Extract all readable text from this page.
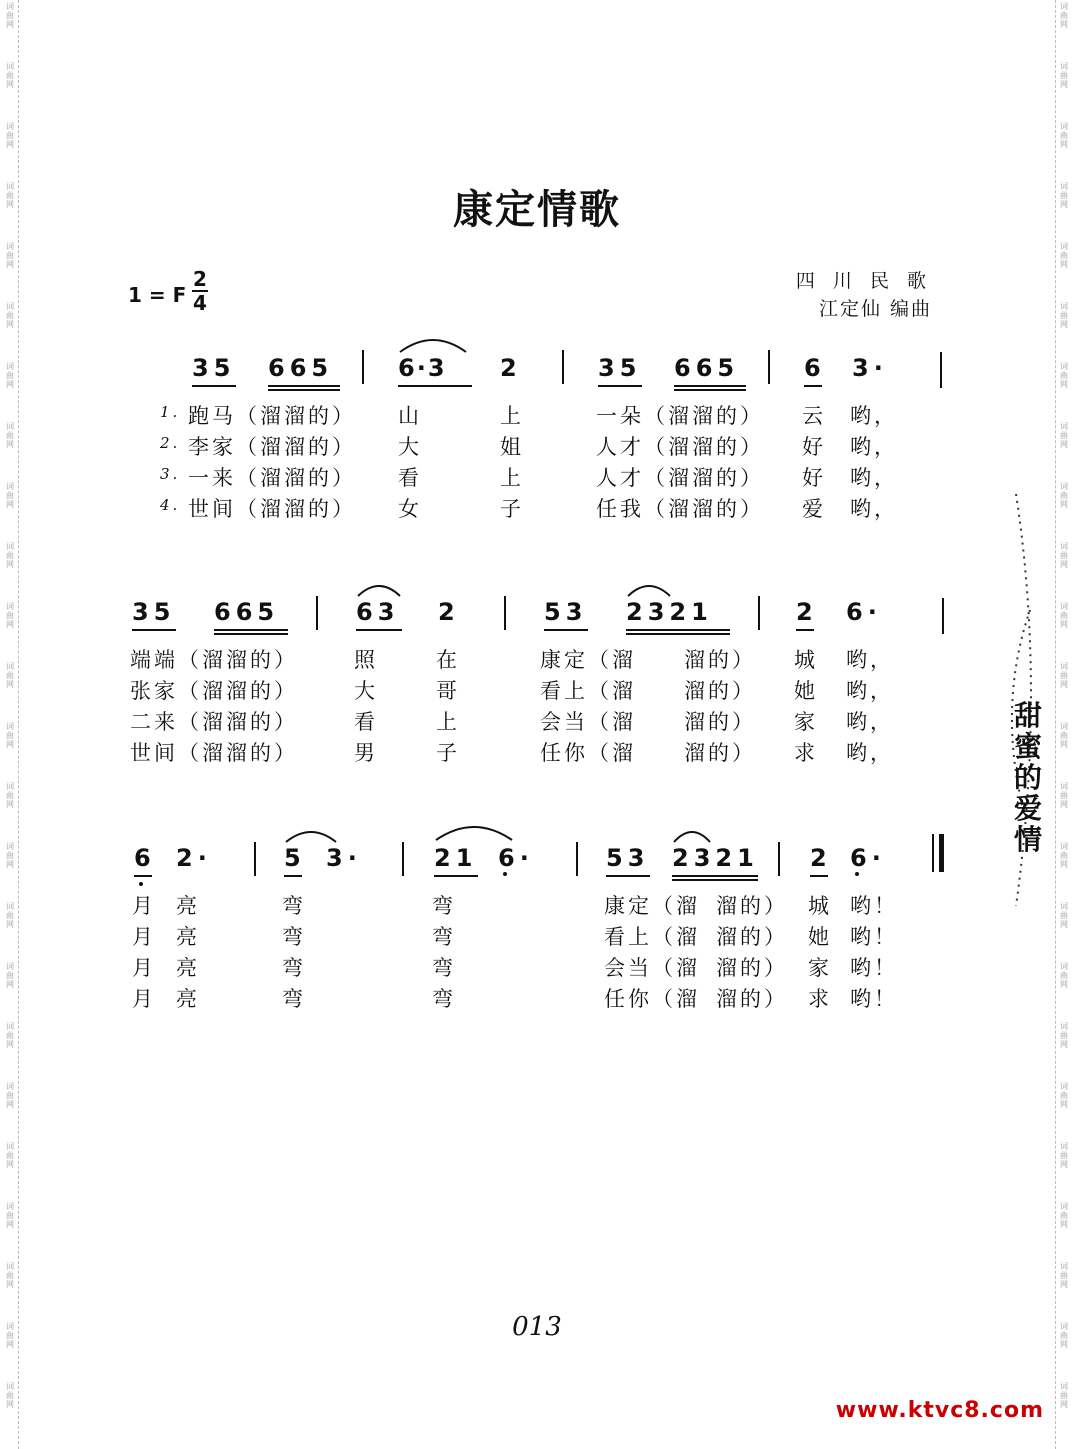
词曲网
词曲网
词曲网
词曲网
词曲网
词曲网
词曲网
词曲网
词曲网
词曲网
词曲网
词曲网
词曲网
词曲网
词曲网
词曲网
词曲网
词曲网
词曲网
词曲网
词曲网
词曲网
词曲网
词曲网
词曲网
词曲网
词曲网
词曲网
词曲网
词曲网
词曲网
词曲网
词曲网
词曲网
词曲网
词曲网
词曲网
词曲网
词曲网
词曲网
词曲网
词曲网
词曲网
词曲网
词曲网
词曲网
词曲网
词曲网
康定情歌
1 = F
2
4
四 川 民 歌
江定仙 编曲
35 665	6·3 2	35 665	6 3·
1. 跑马（溜溜的） 山	上	一朵（溜溜的） 云 哟，
2. 李家（溜溜的） 大	姐	人才（溜溜的） 好 哟，
3. 一来（溜溜的） 看	上	人才（溜溜的） 好 哟，
4. 世间（溜溜的） 女	子	任我（溜溜的） 爱 哟，
35 665	63 2	53 2321	2 6·
端端（溜溜的）	照	在	康定（溜 溜的） 城 哟，
张家（溜溜的）	大	哥	看上（溜 溜的） 她 哟，
二来（溜溜的）	看	上	会当（溜 溜的） 家 哟，
世间（溜溜的）	男	子	任你（溜 溜的） 求 哟，
6 2·	5 3·	21 6·	53 2321 2 6·
月 亮	弯	弯	康定（溜 溜的） 城 哟！
月 亮	弯	弯	看上（溜 溜的） 她 哟！
月 亮	弯	弯	会当（溜 溜的） 家 哟！
月 亮	弯	弯	任你（溜 溜的） 求 哟！
甜蜜的爱情
013
www.ktvc8.com
